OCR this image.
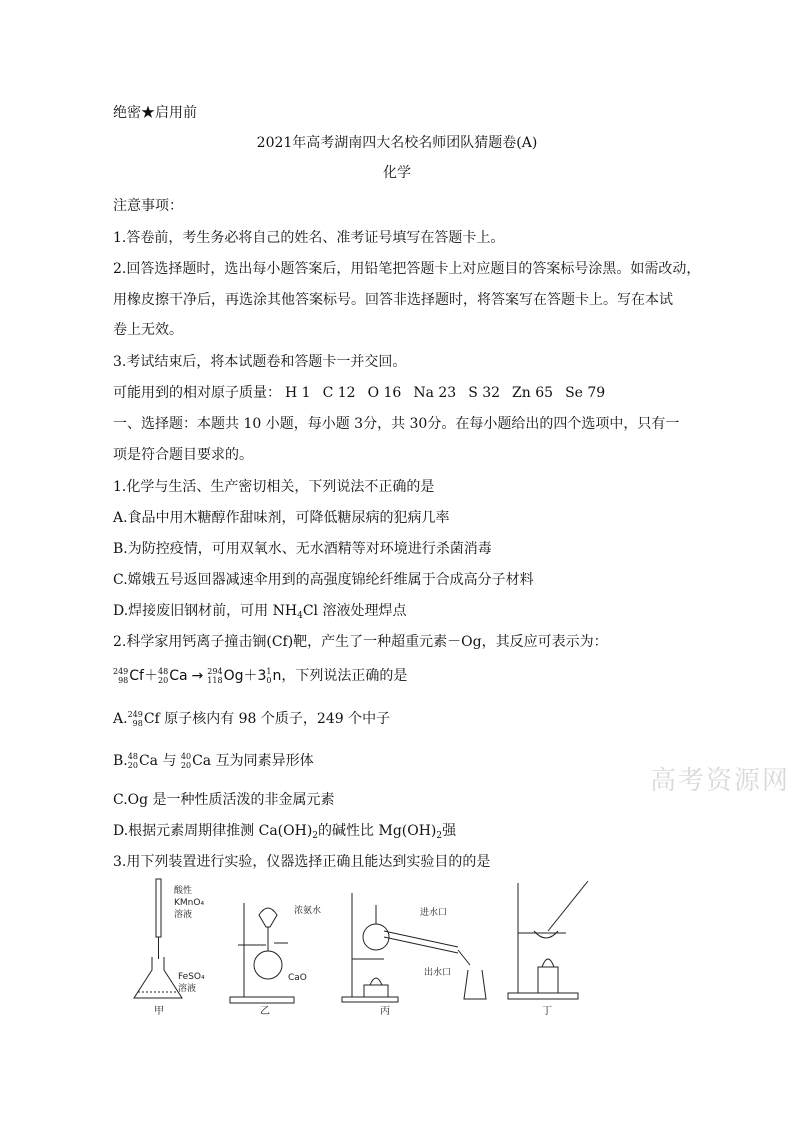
绝密★启用前
2021年高考湖南四大名校名师团队猜题卷(A)
化学
注意事项：
1.答卷前，考生务必将自己的姓名、准考证号填写在答题卡上。
2.回答选择题时，选出每小题答案后，用铅笔把答题卡上对应题目的答案标号涂黑。如需改动，
用橡皮擦干净后，再选涂其他答案标号。回答非选择题时，将答案写在答题卡上。写在本试
卷上无效。
3.考试结束后，将本试题卷和答题卡一并交回。
可能用到的相对原子质量： H 1 C 12 O 16 Na 23 S 32 Zn 65 Se 79
一、选择题：本题共 10 小题，每小题 3分，共 30分。在每小题给出的四个选项中，只有一
项是符合题目要求的。
1.化学与生活、生产密切相关，下列说法不正确的是
A.食品中用木糖醇作甜味剂，可降低糖尿病的犯病几率
B.为防控疫情，可用双氧水、无水酒精等对环境进行杀菌消毒
C.嫦娥五号返回器减速伞用到的高强度锦纶纤维属于合成高分子材料
D.焊接废旧钢材前，可用 $NH_4Cl$ 溶液处理焊点
2.科学家用钙离子撞击锎(Cf)靶，产生了一种超重元素－Og，其反应可表示为：
249
98 Cf＋ 48
20 Ca → 294
118 Og＋3 1
0 n，下列说法正确的是
A. 249
98 Cf 原子核内有 98 个质子，249 个中子
B. 48
20 Ca 与 40
20 Ca 互为同素异形体
高考资源网
C.Og 是一种性质活泼的非金属元素
D.根据元素周期律推测 $Ca(OH)_2$的碱性比 $Mg(OH)_2$强
3.用下列装置进行实验，仪器选择正确且能达到实验目的的是
酸性
KMnO₄
溶液
FeSO₄
溶液
甲
浓氨水
CaO
乙
进水口
出水口
丙	丁
